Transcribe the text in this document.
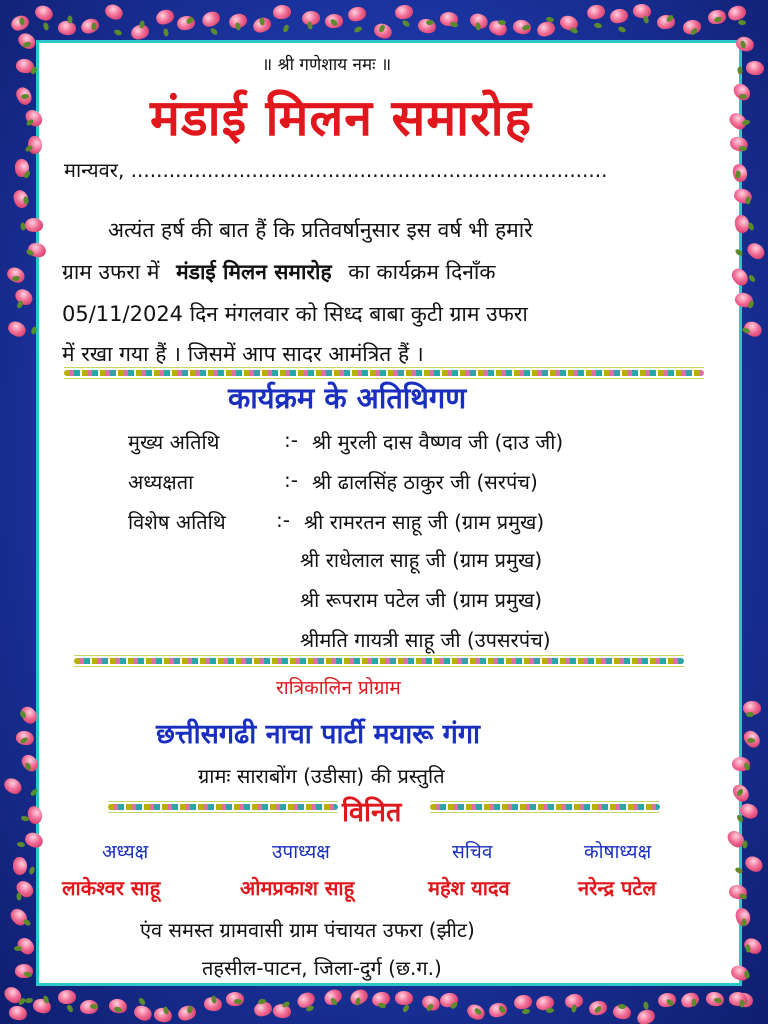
॥ श्री गणेशाय नमः ॥
मंडाई मिलन समारोह
मान्यवर, ...........................................................................
अत्यंत हर्ष की बात हैं कि प्रतिवर्षानुसार इस वर्ष भी हमारे
ग्राम उफरा में मंडाई मिलन समारोह का कार्यक्रम दिनाँक
05/11/2024 दिन मंगलवार को सिध्द बाबा कुटी ग्राम उफरा
में रखा गया हैं । जिसमें आप सादर आमंत्रित हैं ।
कार्यक्रम के अतिथिगण
मुख्य अतिथि	:- श्री मुरली दास वैष्णव जी (दाउ जी)
अध्यक्षता	:- श्री ढालसिंह ठाकुर जी (सरपंच)
विशेष अतिथि	:- श्री रामरतन साहू जी (ग्राम प्रमुख)
श्री राधेलाल साहू जी (ग्राम प्रमुख)
श्री रूपराम पटेल जी (ग्राम प्रमुख)
श्रीमति गायत्री साहू जी (उपसरपंच)
रात्रिकालिन प्रोग्राम
छत्तीसगढी नाचा पार्टी मयारू गंगा
ग्रामः साराबोंग (उडीसा) की प्रस्तुति
विनित
अध्यक्ष	उपाध्यक्ष	सचिव	कोषाध्यक्ष
लाकेश्वर साहू	ओमप्रकाश साहू	महेश यादव	नरेन्द्र पटेल
एंव समस्त ग्रामवासी ग्राम पंचायत उफरा (झीट)
तहसील-पाटन, जिला-दुर्ग (छ.ग.)
